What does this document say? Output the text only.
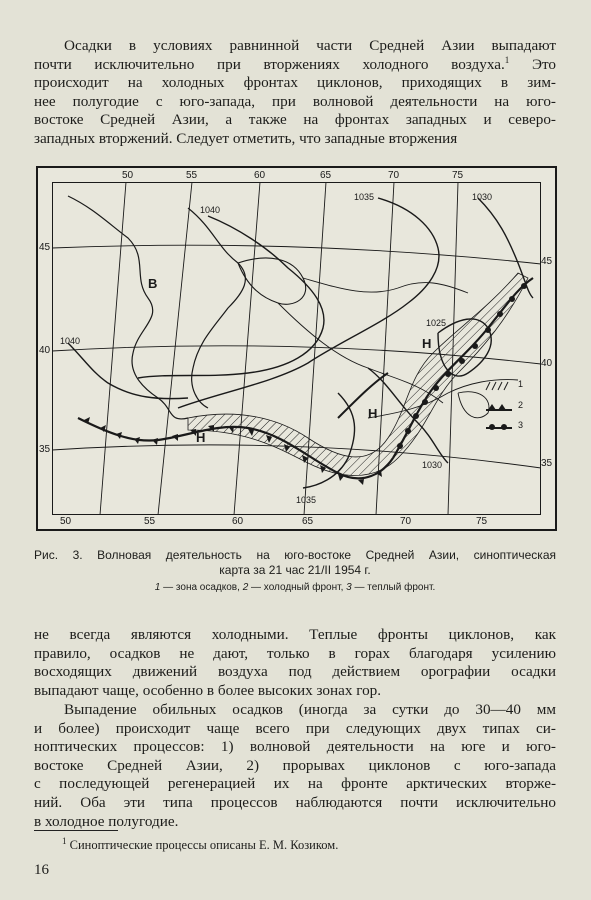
Осадки в условиях равнинной части Средней Азии выпадают
почти исключительно при вторжениях холодного воздуха.$^1$ Это
происходит на холодных фронтах циклонов, приходящих в зим-
нее полугодие с юго-запада, при волновой деятельности на юго-
востоке Средней Азии, а также на фронтах западных и северо-
западных вторжений. Следует отметить, что западные вторжения

50	55	60	65	70	75
50	55	60	65	70	75
45
40
35
45
40
35
1040
1035	1030
1040
1025
1030
1035
В
Н
Н
Н
1
2
3
Рис. 3. Волновая деятельность на юго-востоке Средней Азии, синоптическая
карта за 21 час 21/II 1954 г.
1 — зона осадков, 2 — холодный фронт, 3 — теплый фронт.

не всегда являются холодными. Теплые фронты циклонов, как
правило, осадков не дают, только в горах благодаря усилению
восходящих движений воздуха под действием орографии осадки
выпадают чаще, особенно в более высоких зонах гор.

Выпадение обильных осадков (иногда за сутки до 30—40 мм
и более) происходит чаще всего при следующих двух типах си-
ноптических процессов: 1) волновой деятельности на юге и юго-
востоке Средней Азии, 2) прорывах циклонов с юго-запада
с последующей регенерацией их на фронте арктических вторже-
ний. Оба эти типа процессов наблюдаются почти исключительно
в холодное полугодие.

$^1$ Синоптические процессы описаны Е. М. Козиком.
16
